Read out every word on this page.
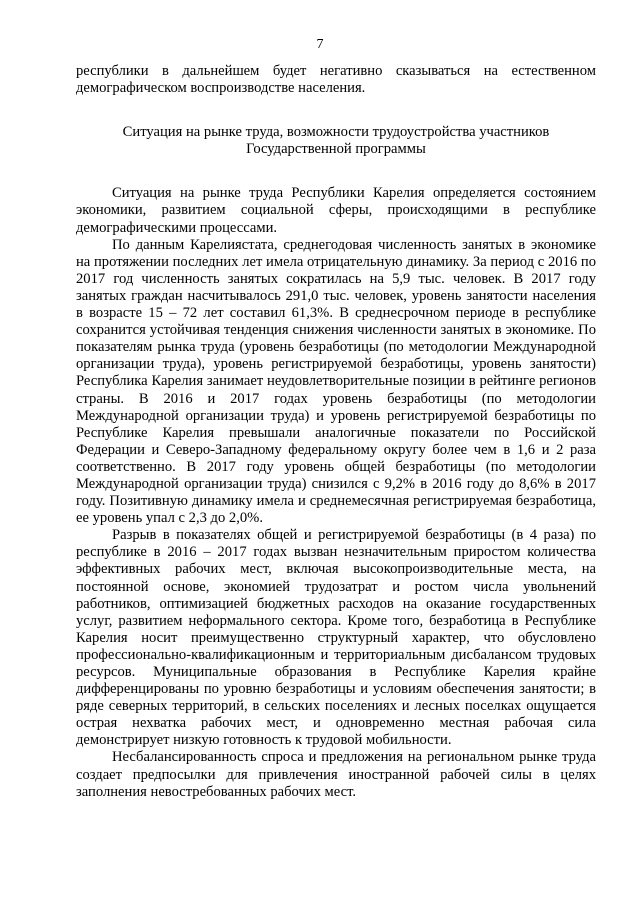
7

республики в дальнейшем будет негативно сказываться на естественном демографическом воспроизводстве населения.

Ситуация на рынке труда, возможности трудоустройства участников Государственной программы

Ситуация на рынке труда Республики Карелия определяется состоянием экономики, развитием социальной сферы, происходящими в республике демографическими процессами.

По данным Карелиястата, среднегодовая численность занятых в экономике на протяжении последних лет имела отрицательную динамику. За период с 2016 по 2017 год численность занятых сократилась на 5,9 тыс. человек. В 2017 году занятых граждан насчитывалось 291,0 тыс. человек, уровень занятости населения в возрасте 15 – 72 лет составил 61,3%. В среднесрочном периоде в республике сохранится устойчивая тенденция снижения численности занятых в экономике. По показателям рынка труда (уровень безработицы (по методологии Международной организации труда), уровень регистрируемой безработицы, уровень занятости) Республика Карелия занимает неудовлетворительные позиции в рейтинге регионов страны. В 2016 и 2017 годах уровень безработицы (по методологии Международной организации труда) и уровень регистрируемой безработицы по Республике Карелия превышали аналогичные показатели по Российской Федерации и Северо-Западному федеральному округу более чем в 1,6 и 2 раза соответственно. В 2017 году уровень общей безработицы (по методологии Международной организации труда) снизился с 9,2% в 2016 году до 8,6% в 2017 году. Позитивную динамику имела и среднемесячная регистрируемая безработица, ее уровень упал с 2,3 до 2,0%.

Разрыв в показателях общей и регистрируемой безработицы (в 4 раза) по республике в 2016 – 2017 годах вызван незначительным приростом количества эффективных рабочих мест, включая высокопроизводительные места, на постоянной основе, экономией трудозатрат и ростом числа увольнений работников, оптимизацией бюджетных расходов на оказание государственных услуг, развитием неформального сектора. Кроме того, безработица в Республике Карелия носит преимущественно структурный характер, что обусловлено профессионально-квалификационным и территориальным дисбалансом трудовых ресурсов. Муниципальные образования в Республике Карелия крайне дифференцированы по уровню безработицы и условиям обеспечения занятости; в ряде северных территорий, в сельских поселениях и лесных поселках ощущается острая нехватка рабочих мест, и одновременно местная рабочая сила демонстрирует низкую готовность к трудовой мобильности.

Несбалансированность спроса и предложения на региональном рынке труда создает предпосылки для привлечения иностранной рабочей силы в целях заполнения невостребованных рабочих мест.
